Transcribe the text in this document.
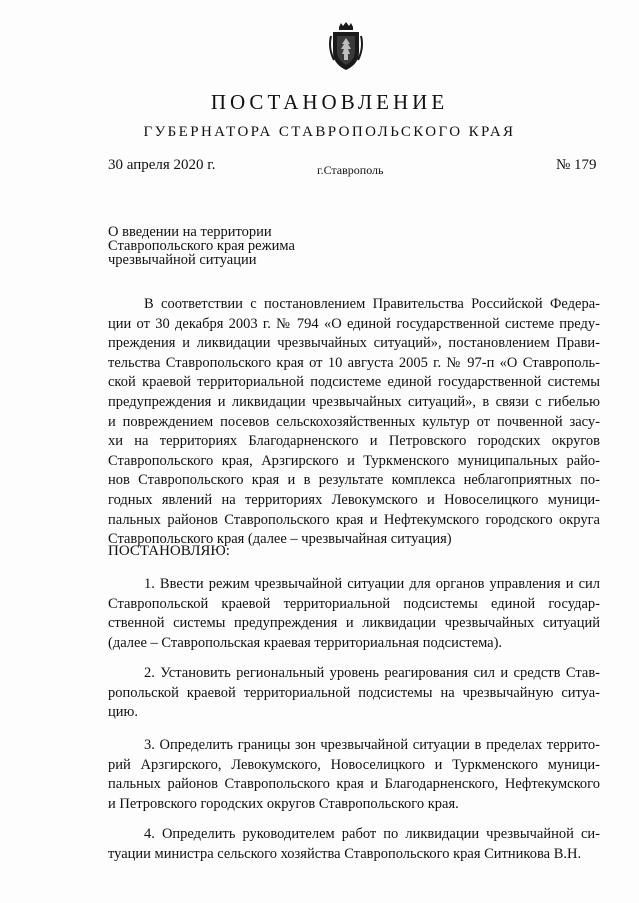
ПОСТАНОВЛЕНИЕ
ГУБЕРНАТОРА СТАВРОПОЛЬСКОГО КРАЯ
30 апреля 2020 г.	г.Ставрополь	№ 179
О введении на территории
Ставропольского края режима
чрезвычайной ситуации
В соответствии с постановлением Правительства Российской Федера-
ции от 30 декабря 2003 г. № 794 «О единой государственной системе преду-
преждения и ликвидации чрезвычайных ситуаций», постановлением Прави-
тельства Ставропольского края от 10 августа 2005 г. № 97-п «О Ставрополь-
ской краевой территориальной подсистеме единой государственной системы
предупреждения и ликвидации чрезвычайных ситуаций», в связи с гибелью
и повреждением посевов сельскохозяйственных культур от почвенной засу-
хи на территориях Благодарненского и Петровского городских округов
Ставропольского края, Арзгирского и Туркменского муниципальных райо-
нов Ставропольского края и в результате комплекса неблагоприятных по-
годных явлений на территориях Левокумского и Новоселицкого муници-
пальных районов Ставропольского края и Нефтекумского городского округа
Ставропольского края (далее – чрезвычайная ситуация)
ПОСТАНОВЛЯЮ:
1. Ввести режим чрезвычайной ситуации для органов управления и сил
Ставропольской краевой территориальной подсистемы единой государ-
ственной системы предупреждения и ликвидации чрезвычайных ситуаций
(далее – Ставропольская краевая территориальная подсистема).
2. Установить региональный уровень реагирования сил и средств Став-
ропольской краевой территориальной подсистемы на чрезвычайную ситуа-
цию.
3. Определить границы зон чрезвычайной ситуации в пределах террито-
рий Арзгирского, Левокумского, Новоселицкого и Туркменского муници-
пальных районов Ставропольского края и Благодарненского, Нефтекумского
и Петровского городских округов Ставропольского края.
4. Определить руководителем работ по ликвидации чрезвычайной си-
туации министра сельского хозяйства Ставропольского края Ситникова В.Н.
